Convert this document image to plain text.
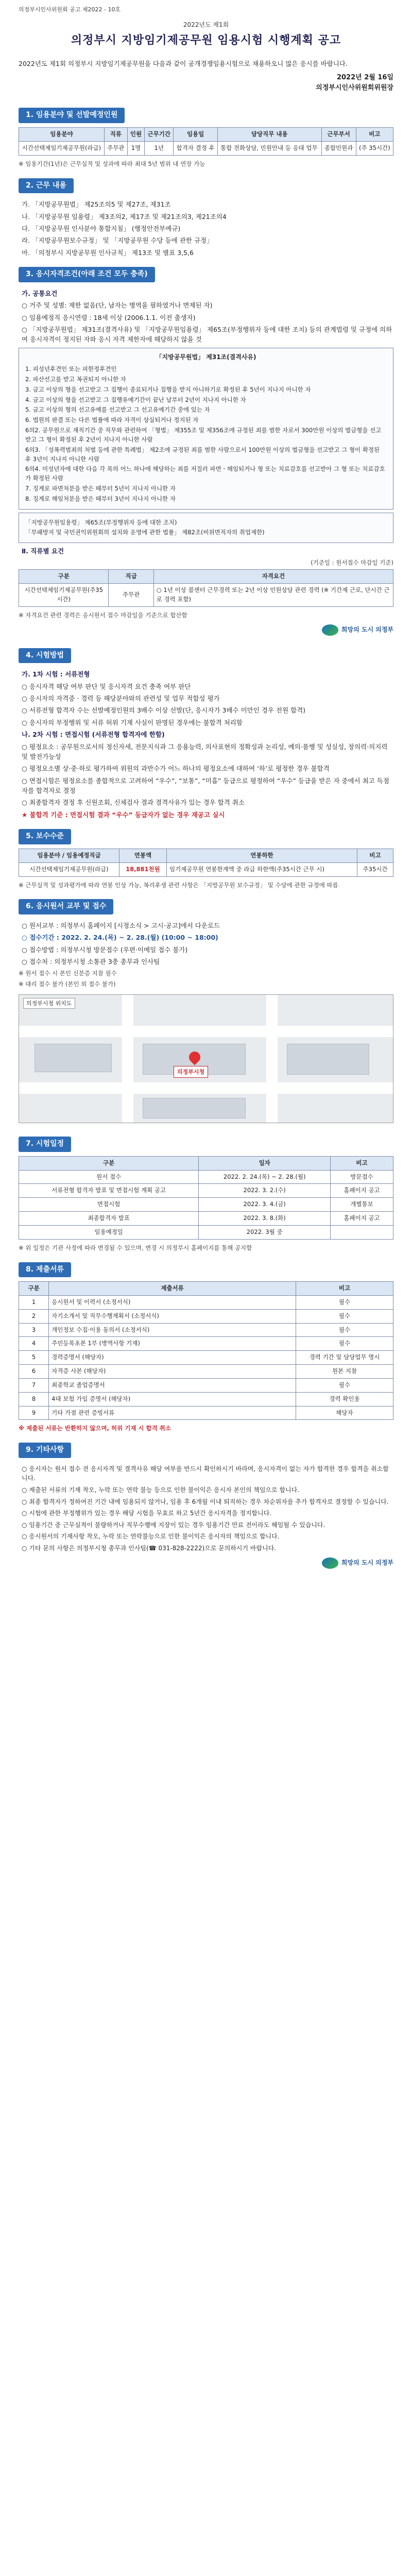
의정부시인사위원회 공고 제2022 - 10호
2022년도 제1회
의정부시 지방임기제공무원 임용시험 시행계획 공고
2022년도 제1회 의정부시 지방임기제공무원을 다음과 같이 공개경쟁임용시험으로 채용하오니 많은 응시를 바랍니다.
2022년 2월 16일
의정부시인사위원회위원장
1. 임용분야 및 선발예정인원
임용분야	직류	인원	근무기간	임용일	담당직무 내용	근무부서	비고
시간선택제임기제공무원(라급)	주무관	1명	1년	합격자 결정 후	통합 전화상담, 민원안내 등 응대 업무	종합민원과	(주 35시간)
※ 임용기간(1년)은 근무실적 및 성과에 따라 최대 5년 범위 내 연장 가능
2. 근무 내용
가. 「지방공무원법」 제25조의5 및 제27조, 제31조
나. 「지방공무원 임용령」 제3조의2, 제17조 및 제21조의3, 제21조의4
다. 「지방공무원 인사분야 통합지침」 (행정안전부예규)
라. 「지방공무원보수규정」 및 「지방공무원 수당 등에 관한 규정」
마. 「의정부시 지방공무원 인사규칙」 제13조 및 별표 3,5,6
3. 응시자격조건(아래 조건 모두 충족)
가. 공통요건
○ 거주 및 성별: 제한 없음(단, 남자는 병역을 필하였거나 면제된 자)
○ 임용예정직 응시연령 : 18세 이상 (2006.1.1. 이전 출생자)
○ 「지방공무원법」 제31조(결격사유) 및 「지방공무원임용령」 제65조(부정행위자 등에 대한 조치) 등의 관계법령 및 규정에 의하여 응시자격이 정지된 자와 응시 자격 제한자에 해당하지 않을 것
「지방공무원법」 제31조(결격사유)

1. 피성년후견인 또는 피한정후견인

2. 파산선고를 받고 복권되지 아니한 자

3. 금고 이상의 형을 선고받고 그 집행이 종료되거나 집행을 받지 아니하기로 확정된 후 5년이 지나지 아니한 자

4. 금고 이상의 형을 선고받고 그 집행유예기간이 끝난 날부터 2년이 지나지 아니한 자

5. 금고 이상의 형의 선고유예를 선고받고 그 선고유예기간 중에 있는 자

6. 법원의 판결 또는 다른 법률에 따라 자격이 상실되거나 정지된 자

6의2. 공무원으로 재직기간 중 직무와 관련하여 「형법」 제355조 및 제356조에 규정된 죄를 범한 자로서 300만원 이상의 벌금형을 선고받고 그 형이 확정된 후 2년이 지나지 아니한 사람

6의3. 「성폭력범죄의 처벌 등에 관한 특례법」 제2조에 규정된 죄를 범한 사람으로서 100만원 이상의 벌금형을 선고받고 그 형이 확정된 후 3년이 지나지 아니한 사람

6의4. 미성년자에 대한 다음 각 목의 어느 하나에 해당하는 죄를 저질러 파면ㆍ해임되거나 형 또는 치료감호를 선고받아 그 형 또는 치료감호가 확정된 사람

7. 징계로 파면처분을 받은 때부터 5년이 지나지 아니한 자

8. 징계로 해임처분을 받은 때부터 3년이 지나지 아니한 자

「지방공무원임용령」 제65조(부정행위자 등에 대한 조치)

「부패방지 및 국민권익위원회의 설치와 운영에 관한 법률」 제82조(비위면직자의 취업제한)

Ⅱ. 직류별 요건
(기준일 : 원서접수 마감일 기준)
구분	직급	자격요건
시간선택제임기제공무원(주35시간)	주무관	○ 1년 이상 콜센터 근무경력 또는 2년 이상 민원상담 관련 경력 (※ 기간제 근로, 단시간 근로 경력 포함)
※ 자격요건 관련 경력은 응시원서 접수 마감일을 기준으로 합산함
희망의 도시 의정부
4. 시험방법
가. 1차 시험 : 서류전형
○ 응시자격 해당 여부 판단 및 응시자격 요건 충족 여부 판단
○ 응시자의 자격증 · 경력 등 해당분야와의 관련성 및 업무 적합성 평가
○ 서류전형 합격자 수는 선발예정인원의 3배수 이상 선발(단, 응시자가 3배수 미만인 경우 전원 합격)
○ 응시자의 부정행위 및 서류 허위 기재 사실이 판명된 경우에는 불합격 처리함
나. 2차 시험 : 면접시험 (서류전형 합격자에 한함)
○ 평정요소 : 공무원으로서의 정신자세, 전문지식과 그 응용능력, 의사표현의 정확성과 논리성, 예의·품행 및 성실성, 창의력·의지력 및 발전가능성
○ 평정요소별 상·중·하로 평가하여 위원의 과반수가 어느 하나의 평정요소에 대하여 ‘하’로 평정한 경우 불합격
○ 면접시험은 평정요소를 종합적으로 고려하여 “우수”, “보통”, “미흡” 등급으로 평정하여 “우수” 등급을 받은 자 중에서 최고 득점자를 합격자로 결정
○ 최종합격자 결정 후 신원조회, 신체검사 결과 결격사유가 있는 경우 합격 취소
★ 불합격 기준 : 면접시험 결과 “우수” 등급자가 없는 경우 재공고 실시
5. 보수수준
임용분야 / 임용예정직급	연봉액	연봉하한	비고
시간선택제임기제공무원(라급)	18,881천원	임기제공무원 연봉한계액 중 라급 하한액(주35시간 근무 시)	주35시간
※ 근무실적 및 성과평가에 따라 연봉 인상 가능, 복리후생 관련 사항은 「지방공무원 보수규정」 및 수당에 관한 규정에 따름
6. 응시원서 교부 및 접수
○ 원서교부 : 의정부시 홈페이지 [시정소식 > 고시·공고]에서 다운로드
○ 접수기간 : 2022. 2. 24.(목) ~ 2. 28.(월) (10:00 ~ 18:00)
○ 접수방법 : 의정부시청 방문접수 (우편·이메일 접수 불가)
○ 접수처 : 의정부시청 소통관 3층 총무과 인사팀
※ 원서 접수 시 본인 신분증 지참 필수
※ 대리 접수 불가 (본인 외 접수 불가)
의정부시청
의정부시청 위치도
7. 시험일정
구분	일자	비고
원서 접수	2022. 2. 24.(목) ~ 2. 28.(월)	방문접수
서류전형 합격자 발표 및 면접시험 계획 공고	2022. 3. 2.(수)	홈페이지 공고
면접시험	2022. 3. 4.(금)	개별통보
최종합격자 발표	2022. 3. 8.(화)	홈페이지 공고
임용예정일	2022. 3월 중	
※ 위 일정은 기관 사정에 따라 변경될 수 있으며, 변경 시 의정부시 홈페이지를 통해 공지함
8. 제출서류
구분	제출서류	비고
1	응시원서 및 이력서 (소정서식)	필수
2	자기소개서 및 직무수행계획서 (소정서식)	필수
3	개인정보 수집·이용 동의서 (소정서식)	필수
4	주민등록초본 1부 (병역사항 기재)	필수
5	경력증명서 (해당자)	경력 기간 및 담당업무 명시
6	자격증 사본 (해당자)	원본 지참
7	최종학교 졸업증명서	필수
8	4대 보험 가입 증명서 (해당자)	경력 확인용
9	기타 가점 관련 증빙서류	해당자
※ 제출된 서류는 반환하지 않으며, 허위 기재 시 합격 취소
9. 기타사항
○ 응시자는 원서 접수 전 응시자격 및 결격사유 해당 여부를 반드시 확인하시기 바라며, 응시자격이 없는 자가 합격한 경우 합격을 취소합니다.
○ 제출된 서류의 기재 착오, 누락 또는 연락 불능 등으로 인한 불이익은 응시자 본인의 책임으로 합니다.
○ 최종 합격자가 정하여진 기간 내에 임용되지 않거나, 임용 후 6개월 이내 퇴직하는 경우 차순위자를 추가 합격자로 결정할 수 있습니다.
○ 시험에 관한 부정행위가 있는 경우 해당 시험을 무효로 하고 5년간 응시자격을 정지합니다.
○ 임용기간 중 근무실적이 불량하거나 직무수행에 지장이 있는 경우 임용기간 만료 전이라도 해임될 수 있습니다.
○ 응시원서의 기재사항 착오, 누락 또는 연락불능으로 인한 불이익은 응시자의 책임으로 합니다.
○ 기타 문의 사항은 의정부시청 총무과 인사팀(☎ 031-828-2222)으로 문의하시기 바랍니다.
희망의 도시 의정부
